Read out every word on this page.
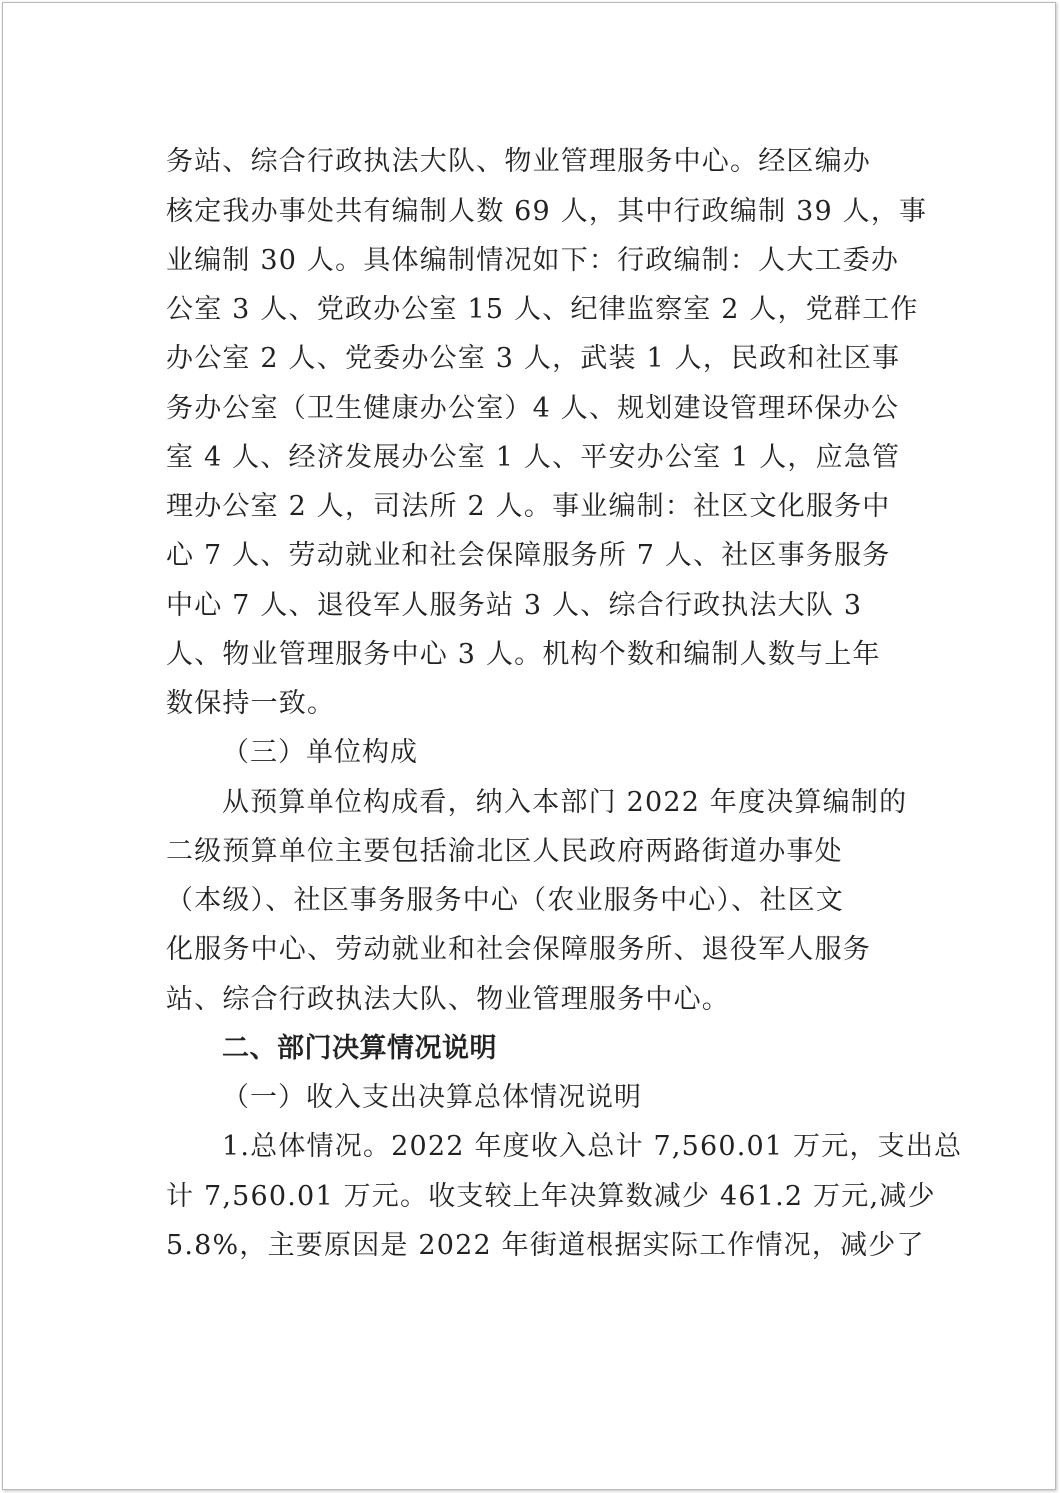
务站、综合行政执法大队、物业管理服务中心。经区编办
核定我办事处共有编制人数 69 人，其中行政编制 39 人，事
业编制 30 人。具体编制情况如下：行政编制：人大工委办
公室 3 人、党政办公室 15 人、纪律监察室 2 人，党群工作
办公室 2 人、党委办公室 3 人，武装 1 人，民政和社区事
务办公室（卫生健康办公室）4 人、规划建设管理环保办公
室 4 人、经济发展办公室 1 人、平安办公室 1 人，应急管
理办公室 2 人，司法所 2 人。事业编制：社区文化服务中
心 7 人、劳动就业和社会保障服务所 7 人、社区事务服务
中心 7 人、退役军人服务站 3 人、综合行政执法大队 3
人、物业管理服务中心 3 人。机构个数和编制人数与上年
数保持一致。
（三）单位构成
从预算单位构成看，纳入本部门 2022 年度决算编制的
二级预算单位主要包括渝北区人民政府两路街道办事处
（本级）、社区事务服务中心（农业服务中心）、社区文
化服务中心、劳动就业和社会保障服务所、退役军人服务
站、综合行政执法大队、物业管理服务中心。
二、部门决算情况说明
（一）收入支出决算总体情况说明
1.总体情况。2022 年度收入总计 7,560.01 万元，支出总
计 7,560.01 万元。收支较上年决算数减少 461.2 万元,减少
5.8%，主要原因是 2022 年街道根据实际工作情况，减少了
